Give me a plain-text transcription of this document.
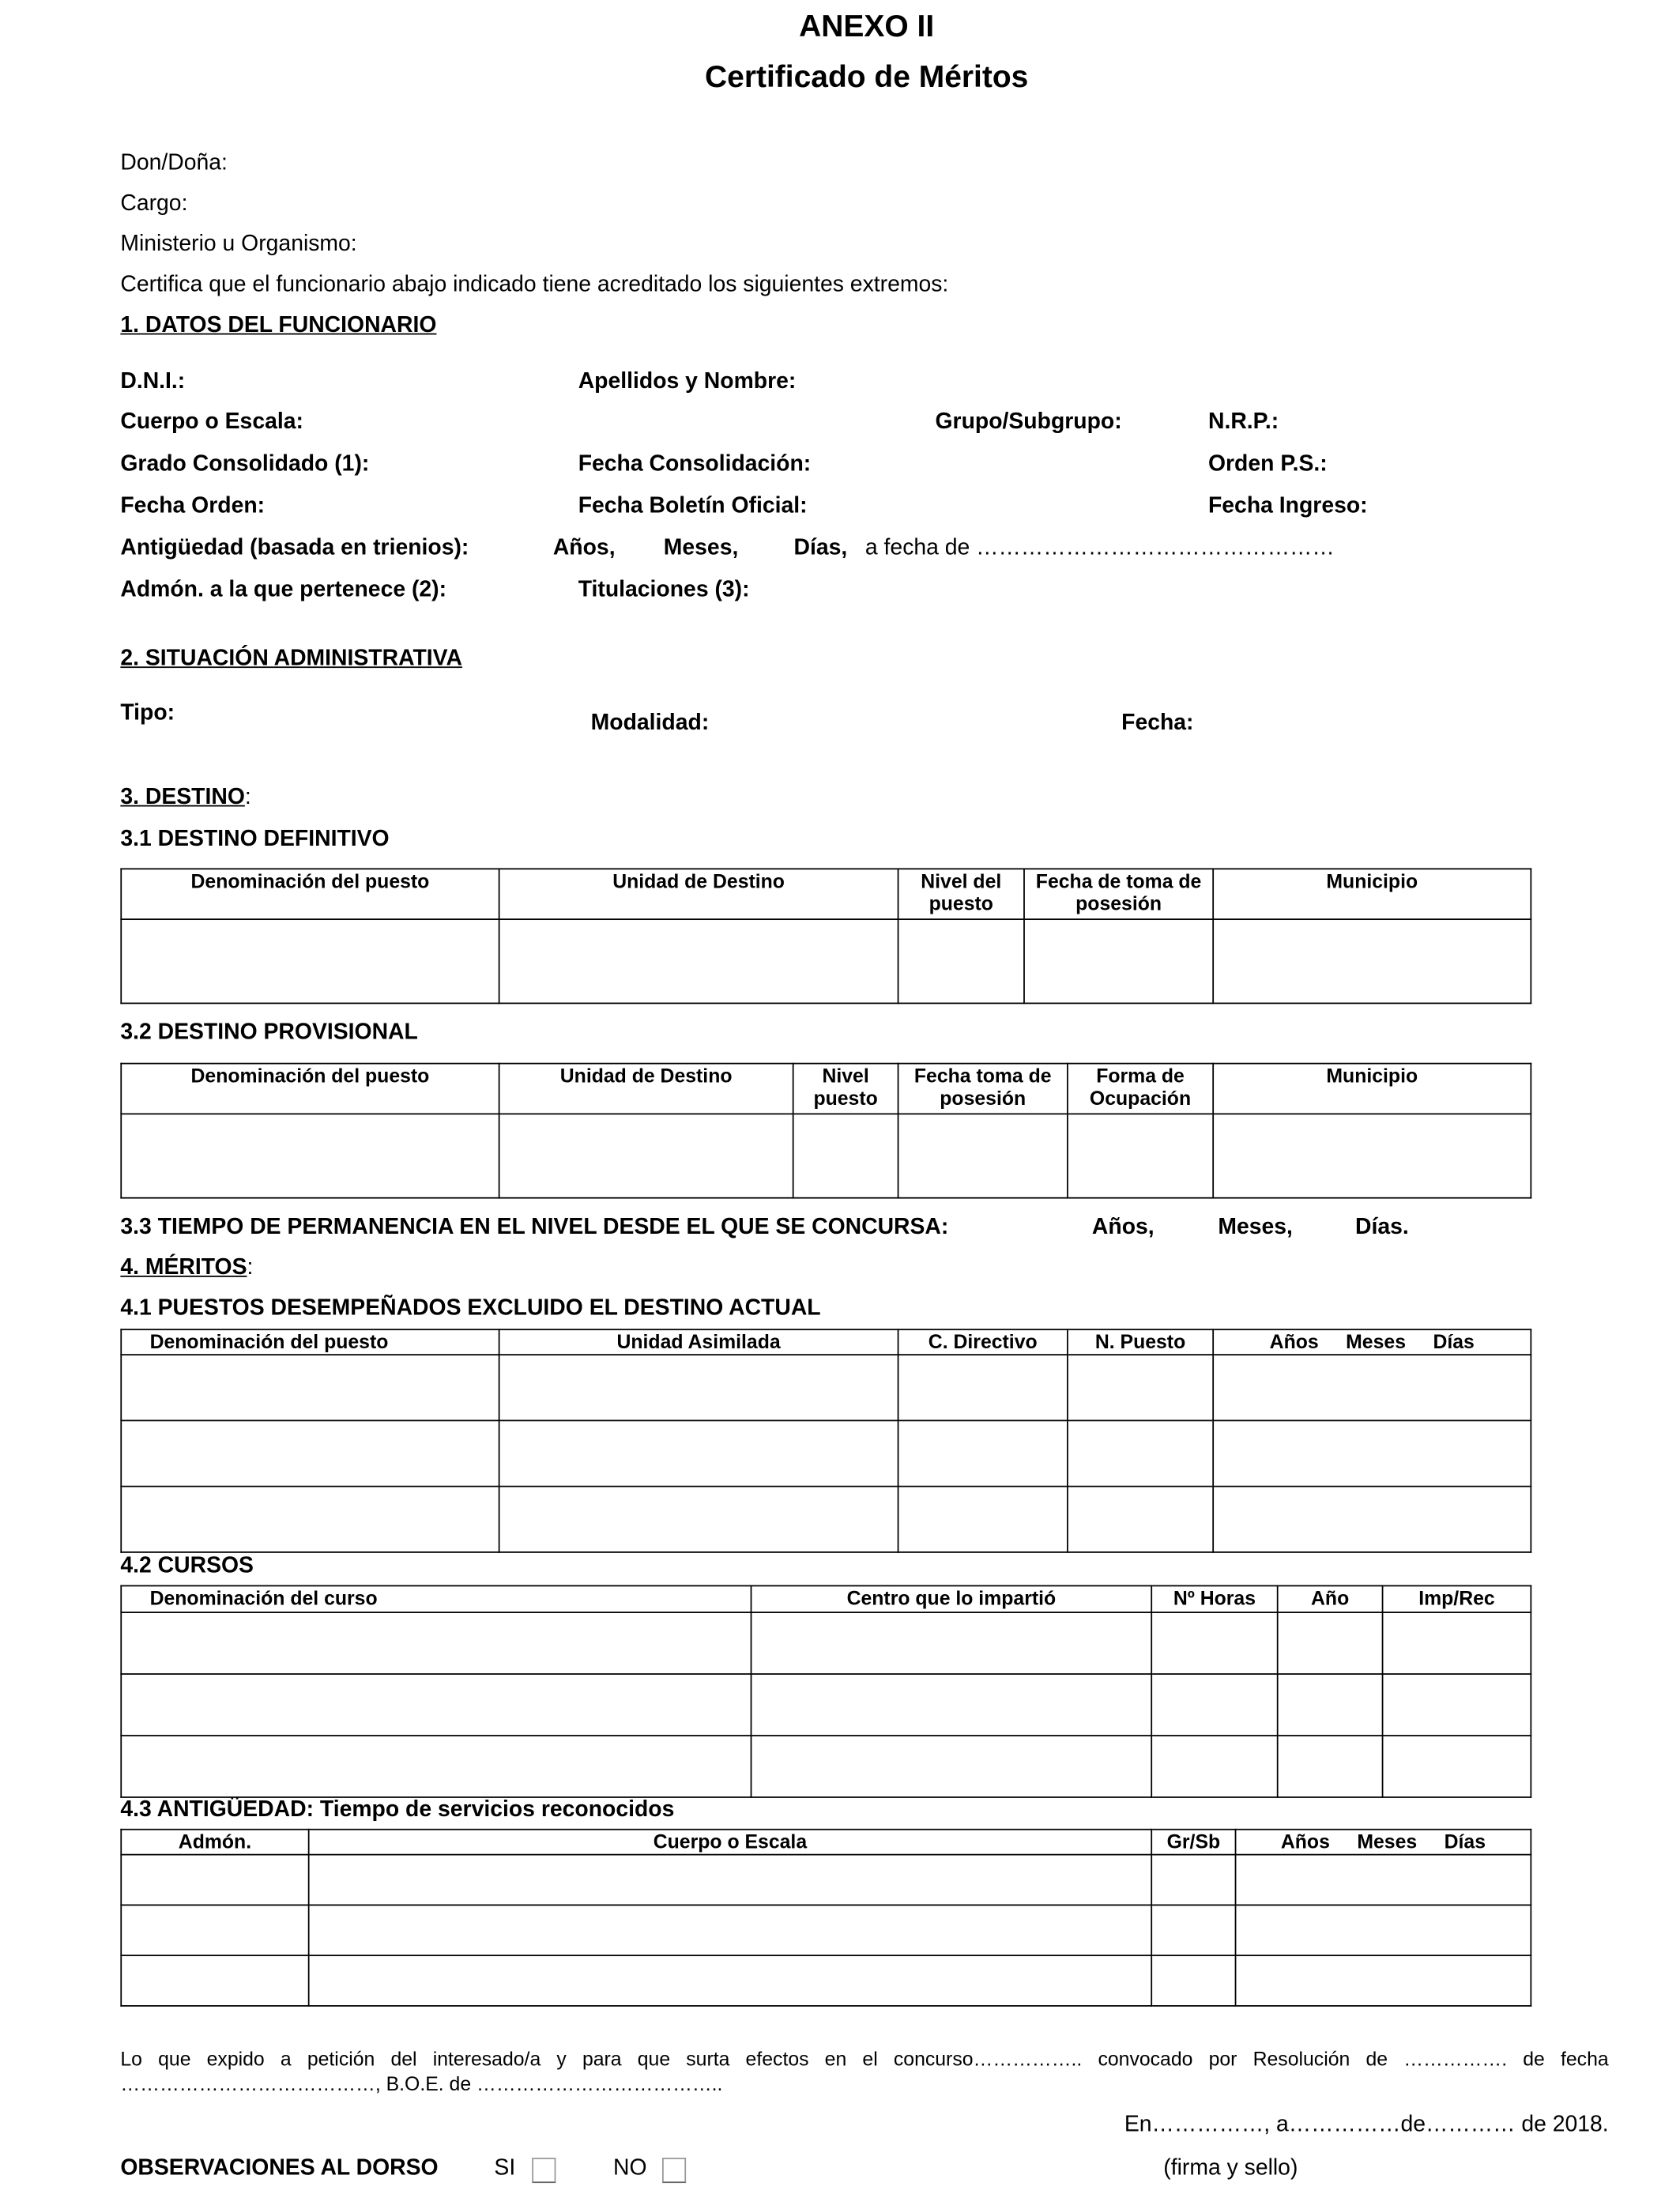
ANEXO II
Certificado de Méritos
Don/Doña:
Cargo:
Ministerio u Organismo:
Certifica que el funcionario abajo indicado tiene acreditado los siguientes extremos:
1. DATOS DEL FUNCIONARIO
D.N.I.:	Apellidos y Nombre:
Cuerpo o Escala:	Grupo/Subgrupo:	N.R.P.:
Grado Consolidado (1):	Fecha Consolidación:	Orden P.S.:
Fecha Orden:	Fecha Boletín Oficial:	Fecha Ingreso:
Antigüedad (basada en trienios):	Años,	Meses,	Días, a fecha de …………………………………………
Admón. a la que pertenece (2):	Titulaciones (3):
2. SITUACIÓN ADMINISTRATIVA
Tipo:	Modalidad:	Fecha:
3. DESTINO:
3.1 DESTINO DEFINITIVO
Denominación del puesto	Unidad de Destino	Nivel del puesto	Fecha de toma de posesión	Municipio

3.2 DESTINO PROVISIONAL
Denominación del puesto	Unidad de Destino	Nivel puesto	Fecha toma de posesión	Forma de Ocupación	Municipio

3.3 TIEMPO DE PERMANENCIA EN EL NIVEL DESDE EL QUE SE CONCURSA:	Años,	Meses,	Días.
4. MÉRITOS:
4.1 PUESTOS DESEMPEÑADOS EXCLUIDO EL DESTINO ACTUAL
Denominación del puesto	Unidad Asimilada	C. Directivo	N. Puesto	Años     Meses     Días

4.2 CURSOS
Denominación del curso	Centro que lo impartió	Nº Horas	Año	Imp/Rec

4.3 ANTIGÜEDAD: Tiempo de servicios reconocidos
Admón.	Cuerpo o Escala	Gr/Sb	Años     Meses     Días

Lo que expido a petición del interesado/a y para que surta efectos en el concurso…………….. convocado por Resolución de ……………. de fecha
…………………………………, B.O.E. de ………………………………..
En……………, a……………de………… de 2018.
OBSERVACIONES AL DORSO	SI	NO	(firma y sello)
